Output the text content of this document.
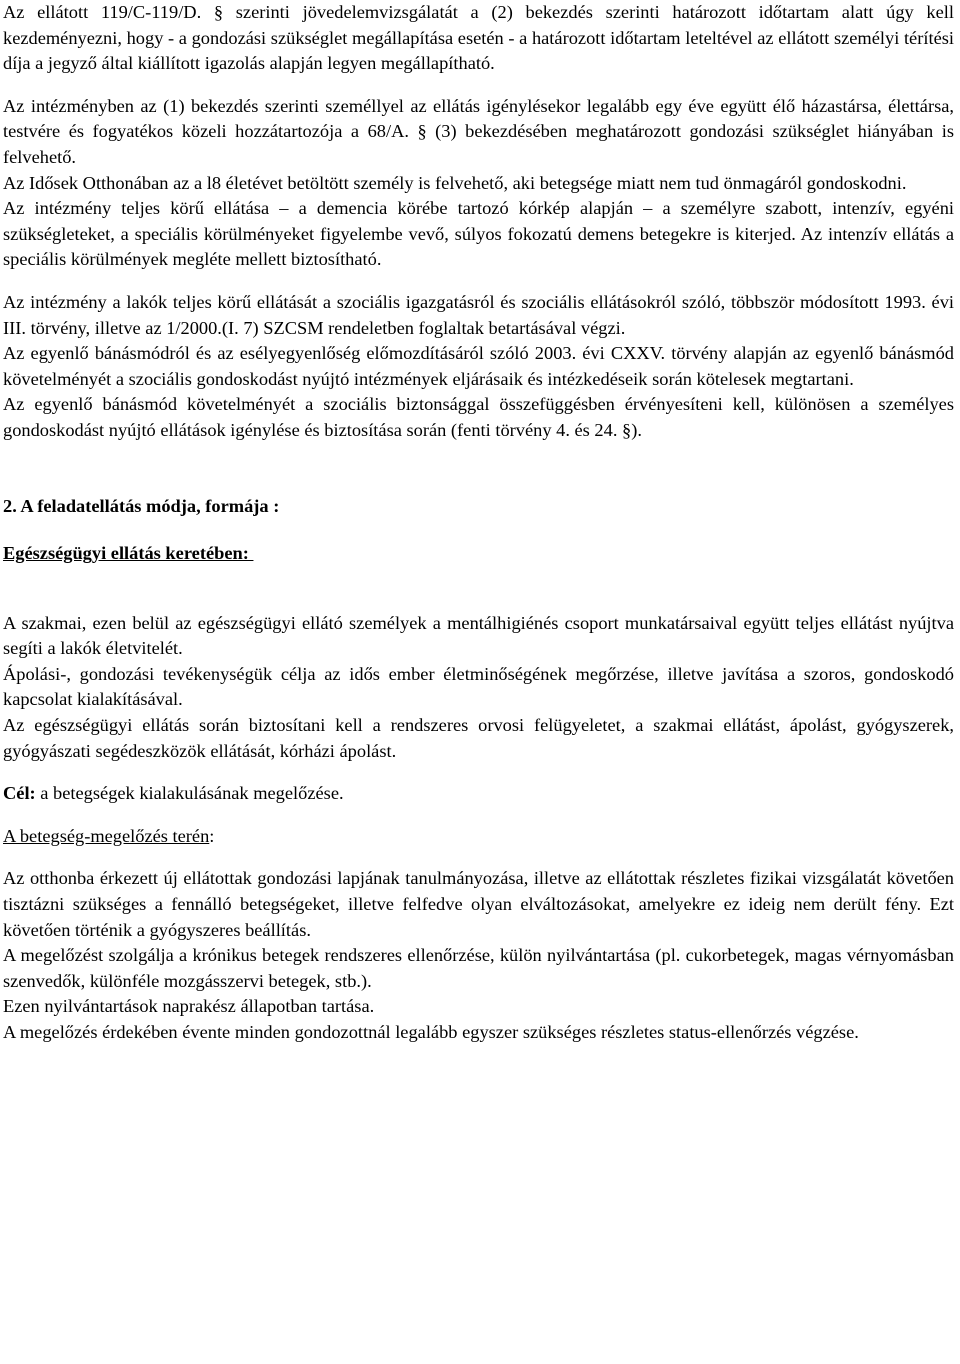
Az ellátott 119/C-119/D. § szerinti jövedelemvizsgálatát a (2) bekezdés szerinti határozott időtartam alatt úgy kell kezdeményezni, hogy - a gondozási szükséglet megállapítása esetén - a határozott időtartam leteltével az ellátott személyi térítési díja a jegyző által kiállított igazolás alapján legyen megállapítható.

Az intézményben az (1) bekezdés szerinti személlyel az ellátás igénylésekor legalább egy éve együtt élő házastársa, élettársa, testvére és fogyatékos közeli hozzátartozója a 68/A. § (3) bekezdésében meghatározott gondozási szükséglet hiányában is felvehető.

Az Idősek Otthonában az a l8 életévet betöltött személy is felvehető, aki betegsége miatt nem tud önmagáról gondoskodni.

Az intézmény teljes körű ellátása – a demencia körébe tartozó kórkép alapján – a személyre szabott, intenzív, egyéni szükségleteket, a speciális körülményeket figyelembe vevő, súlyos fokozatú demens betegekre is kiterjed. Az intenzív ellátás a speciális körülmények megléte mellett biztosítható.

Az intézmény a lakók teljes körű ellátását a szociális igazgatásról és szociális ellátásokról szóló, többször módosított 1993. évi III. törvény, illetve az 1/2000.(I. 7) SZCSM rendeletben foglaltak betartásával végzi.

Az egyenlő bánásmódról és az esélyegyenlőség előmozdításáról szóló 2003. évi CXXV. törvény alapján az egyenlő bánásmód követelményét a szociális gondoskodást nyújtó intézmények eljárásaik és intézkedéseik során kötelesek megtartani.

Az egyenlő bánásmód követelményét a szociális biztonsággal összefüggésben érvényesíteni kell, különösen a személyes gondoskodást nyújtó ellátások igénylése és biztosítása során (fenti törvény 4. és 24. §).

2. A feladatellátás módja, formája :

Egészségügyi ellátás keretében:

A szakmai, ezen belül az egészségügyi ellátó személyek a mentálhigiénés csoport munkatársaival együtt teljes ellátást nyújtva segíti a lakók életvitelét.

Ápolási-, gondozási tevékenységük célja az idős ember életminőségének megőrzése, illetve javítása a szoros, gondoskodó kapcsolat kialakításával.

Az egészségügyi ellátás során biztosítani kell a rendszeres orvosi felügyeletet, a szakmai ellátást, ápolást, gyógyszerek, gyógyászati segédeszközök ellátását, kórházi ápolást.

Cél: a betegségek kialakulásának megelőzése.

A betegség-megelőzés terén:

Az otthonba érkezett új ellátottak gondozási lapjának tanulmányozása, illetve az ellátottak részletes fizikai vizsgálatát követően tisztázni szükséges a fennálló betegségeket, illetve felfedve olyan elváltozásokat, amelyekre ez ideig nem derült fény. Ezt követően történik a gyógyszeres beállítás.

A megelőzést szolgálja a krónikus betegek rendszeres ellenőrzése, külön nyilvántartása (pl. cukorbetegek, magas vérnyomásban szenvedők, különféle mozgásszervi betegek, stb.).

Ezen nyilvántartások naprakész állapotban tartása.

A megelőzés érdekében évente minden gondozottnál legalább egyszer szükséges részletes status-ellenőrzés végzése.
